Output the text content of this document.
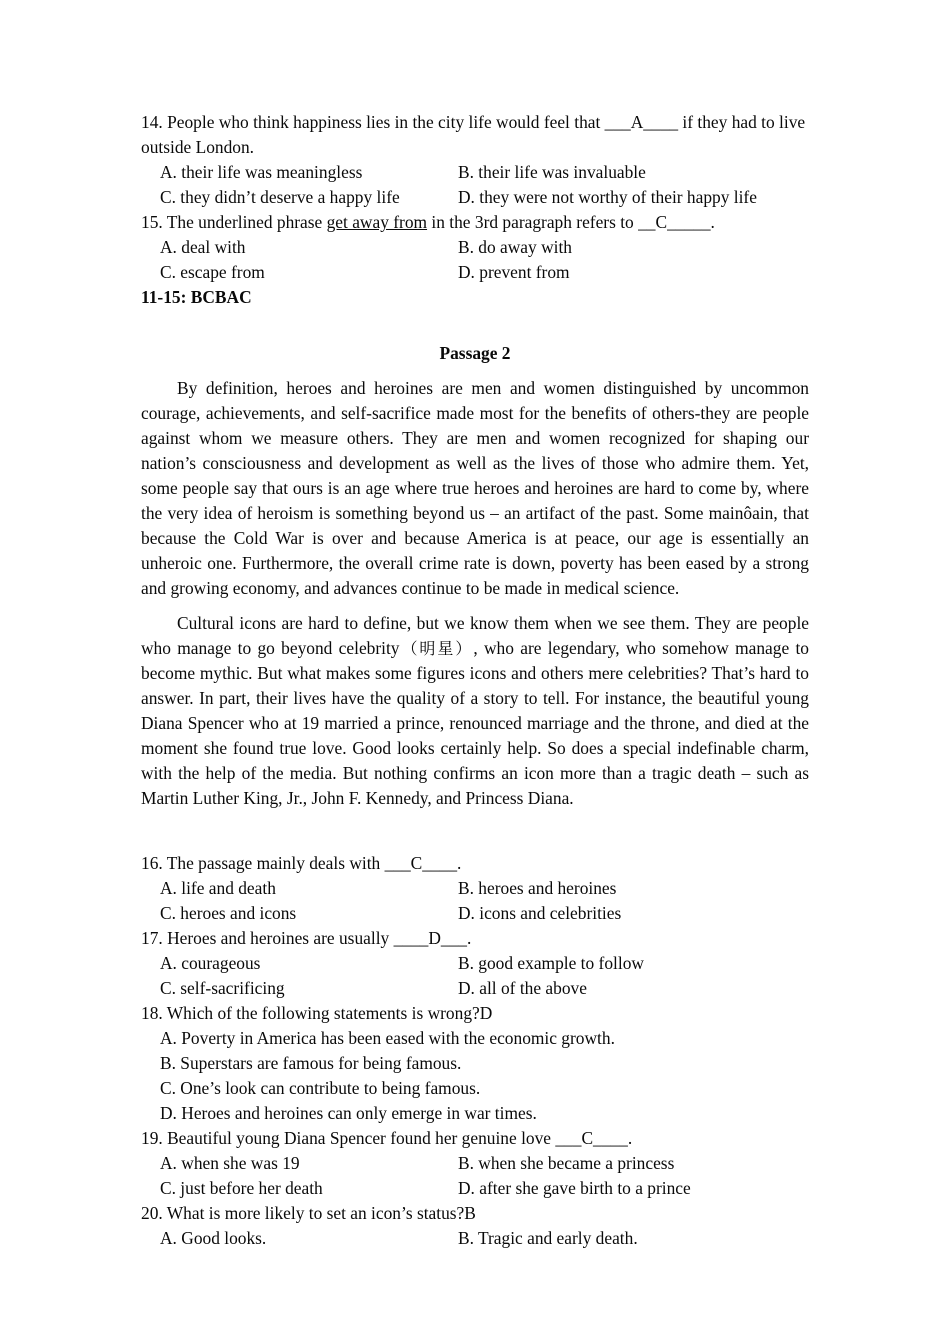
14. People who think happiness lies in the city life would feel that ___A____ if they had to live
outside London.
A. their life was meaningless	B. their life was invaluable
C. they didn’t deserve a happy life	D. they were not worthy of their happy life
15. The underlined phrase get away from in the 3rd paragraph refers to __C_____.
A. deal with	B. do away with
C. escape from	D. prevent from
11-15: BCBAC
Passage 2
By definition, heroes and heroines are men and women distinguished by uncommon courage, achievements, and self-sacrifice made most for the benefits of others-they are people against whom we measure others. They are men and women recognized for shaping our nation’s consciousness and development as well as the lives of those who admire them. Yet, some people say that ours is an age where true heroes and heroines are hard to come by, where the very idea of heroism is something beyond us – an artifact of the past. Some mainôain, that because the Cold War is over and because America is at peace, our age is essentially an unheroic one. Furthermore, the overall crime rate is down, poverty has been eased by a strong and growing economy, and advances continue to be made in medical science.
Cultural icons are hard to define, but we know them when we see them. They are people who manage to go beyond celebrity（明星）, who are legendary, who somehow manage to become mythic. But what makes some figures icons and others mere celebrities? That’s hard to answer. In part, their lives have the quality of a story to tell. For instance, the beautiful young Diana Spencer who at 19 married a prince, renounced marriage and the throne, and died at the moment she found true love. Good looks certainly help. So does a special indefinable charm, with the help of the media. But nothing confirms an icon more than a tragic death – such as Martin Luther King, Jr., John F. Kennedy, and Princess Diana.
16. The passage mainly deals with ___C____.
A. life and death	B. heroes and heroines
C. heroes and icons	D. icons and celebrities
17. Heroes and heroines are usually ____D___.
A. courageous	B. good example to follow
C. self-sacrificing	D. all of the above
18. Which of the following statements is wrong?D
A. Poverty in America has been eased with the economic growth.
B. Superstars are famous for being famous.
C. One’s look can contribute to being famous.
D. Heroes and heroines can only emerge in war times.
19. Beautiful young Diana Spencer found her genuine love ___C____.
A. when she was 19	B. when she became a princess
C. just before her death	D. after she gave birth to a prince
20. What is more likely to set an icon’s status?B
A. Good looks.	B. Tragic and early death.
